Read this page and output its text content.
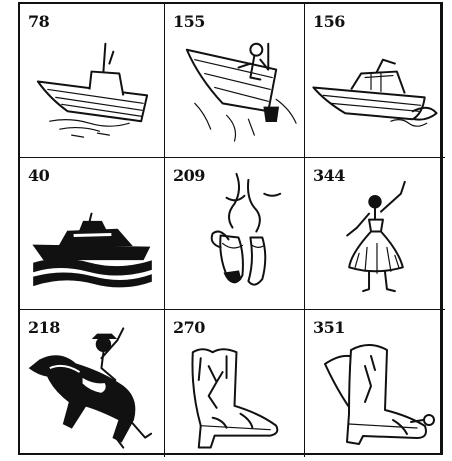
78	155	156
40	209	344
218	270	351
